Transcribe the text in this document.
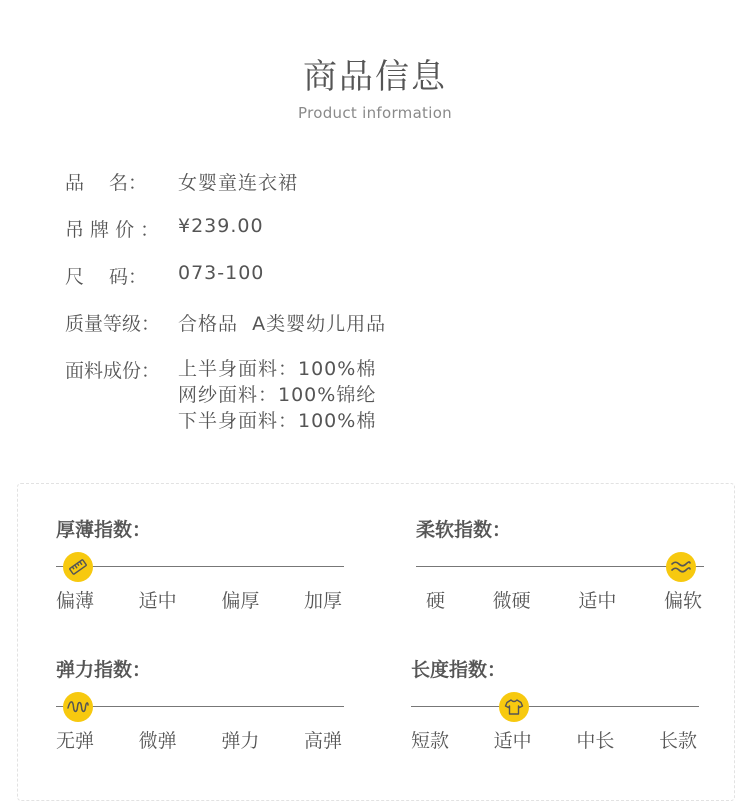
商品信息
Product information
品　 名：	女婴童连衣裙
吊 牌 价 ： ¥239.00
尺　 码：	073-100
质量等级： 合格品  A类婴幼儿用品
面料成份： 上半身面料：100%棉
网纱面料：100%锦纶
下半身面料：100%棉
厚薄指数：
偏薄 适中 偏厚 加厚
柔软指数：
硬	微硬	适中	偏软
弹力指数：
无弹 微弹 弹力 高弹
长度指数：
短款 适中 中长 长款
